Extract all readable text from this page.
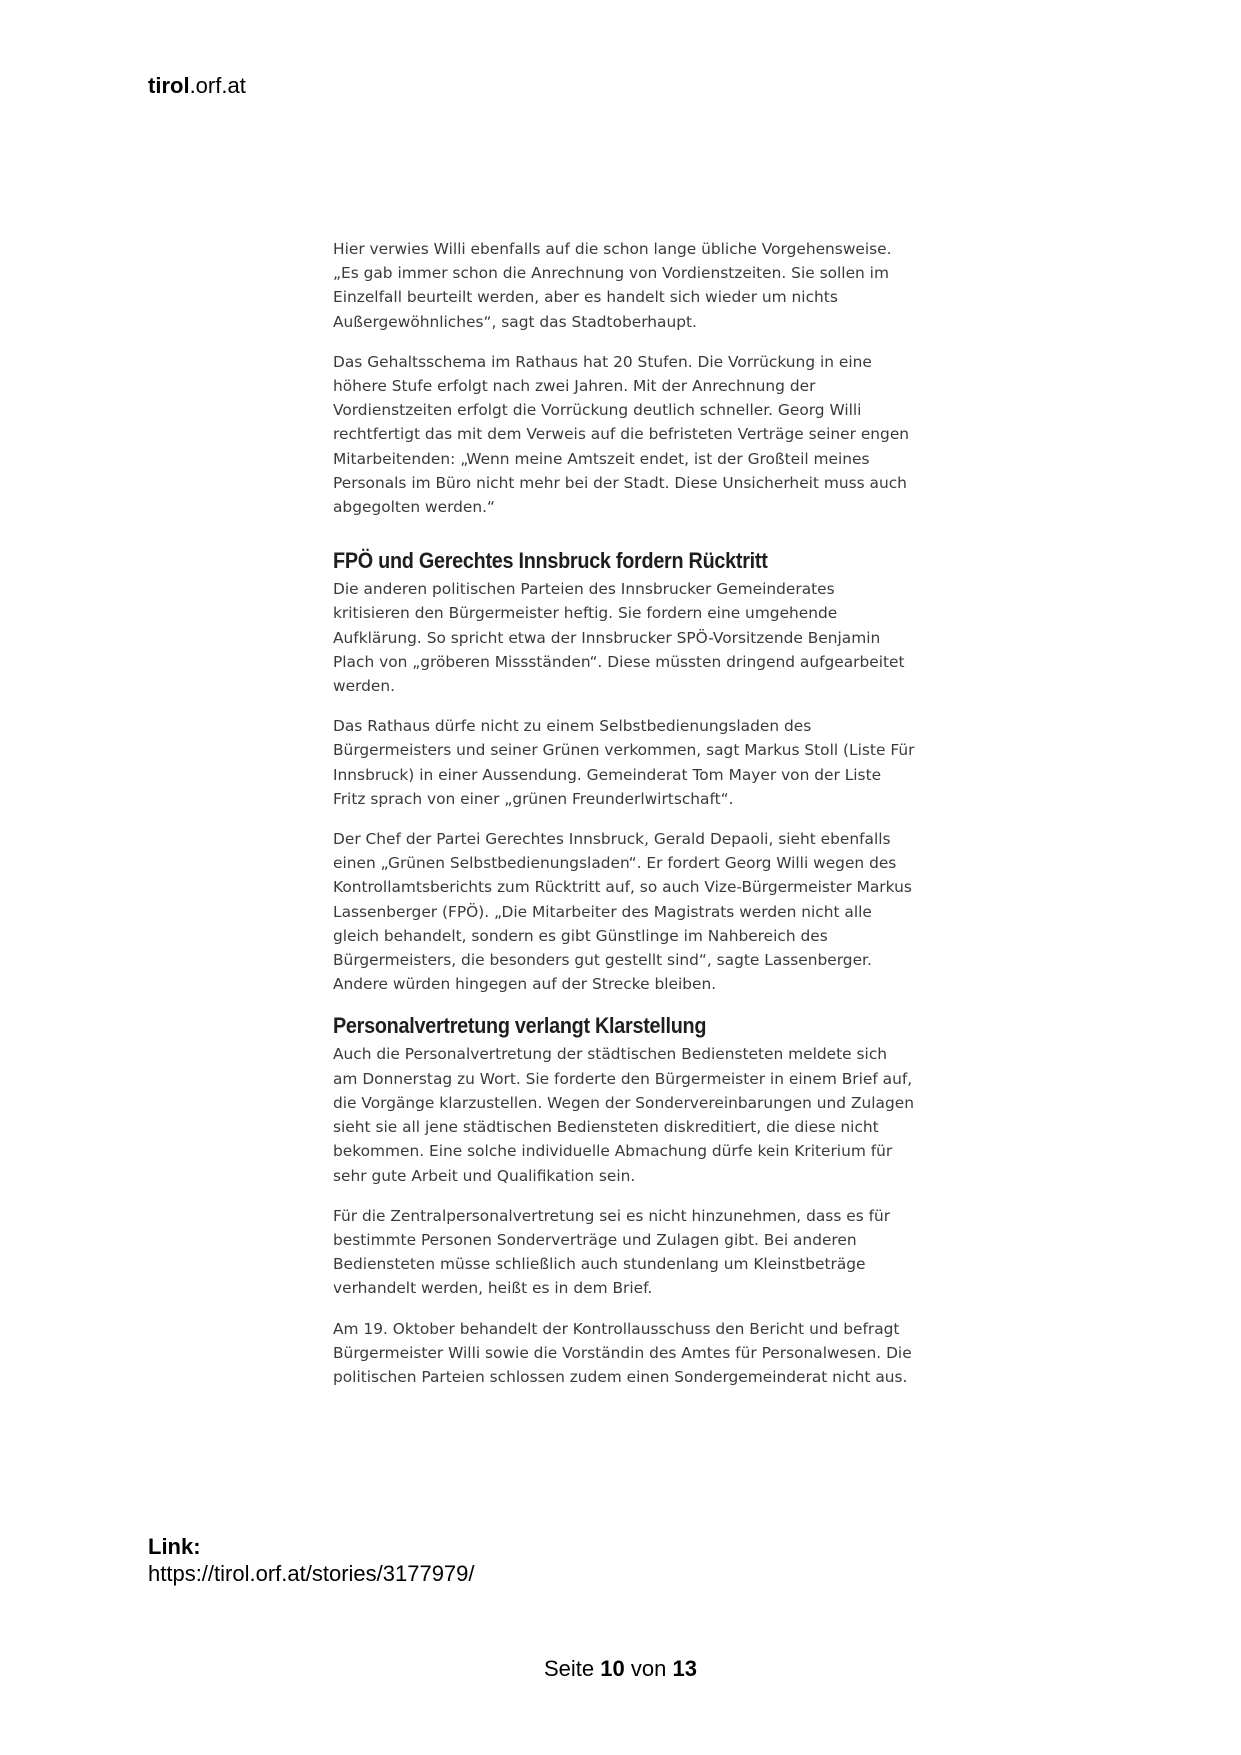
tirol.orf.at

Hier verwies Willi ebenfalls auf die schon lange übliche Vorgehensweise. „Es gab immer schon die Anrechnung von Vordienstzeiten. Sie sollen im Einzelfall beurteilt werden, aber es handelt sich wieder um nichts Außergewöhnliches“, sagt das Stadtoberhaupt.

Das Gehaltsschema im Rathaus hat 20 Stufen. Die Vorrückung in eine höhere Stufe erfolgt nach zwei Jahren. Mit der Anrechnung der Vordienstzeiten erfolgt die Vorrückung deutlich schneller. Georg Willi rechtfertigt das mit dem Verweis auf die befristeten Verträge seiner engen Mitarbeitenden: „Wenn meine Amtszeit endet, ist der Großteil meines Personals im Büro nicht mehr bei der Stadt. Diese Unsicherheit muss auch abgegolten werden.“

FPÖ und Gerechtes Innsbruck fordern Rücktritt

Die anderen politischen Parteien des Innsbrucker Gemeinderates kritisieren den Bürgermeister heftig. Sie fordern eine umgehende Aufklärung. So spricht etwa der Innsbrucker SPÖ-Vorsitzende Benjamin Plach von „gröberen Missständen“. Diese müssten dringend aufgearbeitet werden.

Das Rathaus dürfe nicht zu einem Selbstbedienungsladen des Bürgermeisters und seiner Grünen verkommen, sagt Markus Stoll (Liste Für Innsbruck) in einer Aussendung. Gemeinderat Tom Mayer von der Liste Fritz sprach von einer „grünen Freunderlwirtschaft“.

Der Chef der Partei Gerechtes Innsbruck, Gerald Depaoli, sieht ebenfalls einen „Grünen Selbstbedienungsladen“. Er fordert Georg Willi wegen des Kontrollamtsberichts zum Rücktritt auf, so auch Vize-Bürgermeister Markus Lassenberger (FPÖ). „Die Mitarbeiter des Magistrats werden nicht alle gleich behandelt, sondern es gibt Günstlinge im Nahbereich des Bürgermeisters, die besonders gut gestellt sind“, sagte Lassenberger. Andere würden hingegen auf der Strecke bleiben.

Personalvertretung verlangt Klarstellung

Auch die Personalvertretung der städtischen Bediensteten meldete sich am Donnerstag zu Wort. Sie forderte den Bürgermeister in einem Brief auf, die Vorgänge klarzustellen. Wegen der Sondervereinbarungen und Zulagen sieht sie all jene städtischen Bediensteten diskreditiert, die diese nicht bekommen. Eine solche individuelle Abmachung dürfe kein Kriterium für sehr gute Arbeit und Qualifikation sein.

Für die Zentralpersonalvertretung sei es nicht hinzunehmen, dass es für bestimmte Personen Sonderverträge und Zulagen gibt. Bei anderen Bediensteten müsse schließlich auch stundenlang um Kleinstbeträge verhandelt werden, heißt es in dem Brief.

Am 19. Oktober behandelt der Kontrollausschuss den Bericht und befragt Bürgermeister Willi sowie die Vorständin des Amtes für Personalwesen. Die politischen Parteien schlossen zudem einen Sondergemeinderat nicht aus.

Link:
https://tirol.orf.at/stories/3177979/
Seite 10 von 13
